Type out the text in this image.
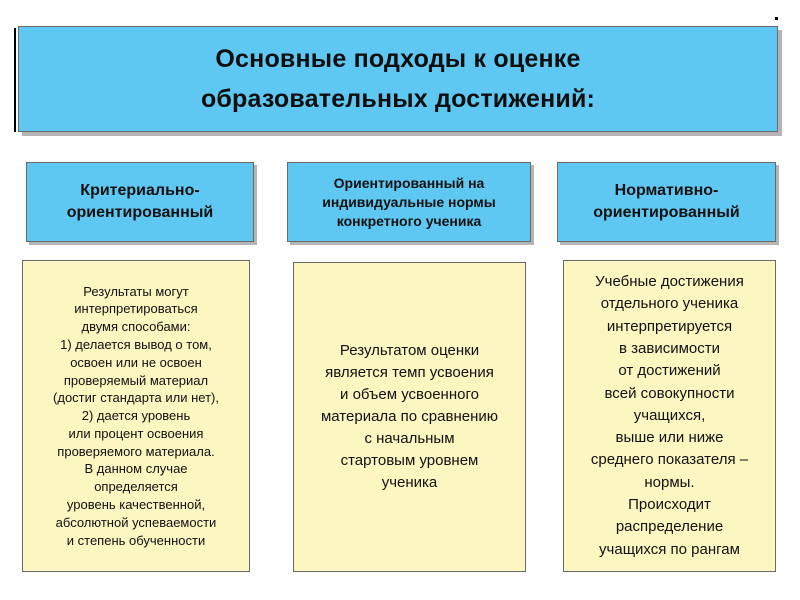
Основные подходы к оценке
образовательных достижений:
Критериально-
ориентированный
Ориентированный на
индивидуальные нормы
конкретного ученика
Нормативно-
ориентированный
Результаты могут
интерпретироваться
двумя способами:
1) делается вывод о том,
освоен или не освоен
проверяемый материал
(достиг стандарта или нет),
2) дается уровень
или процент освоения
проверяемого материала.
В данном случае
определяется
уровень качественной,
абсолютной успеваемости
и степень обученности
Результатом оценки
является темп усвоения
и объем усвоенного
материала по сравнению
с начальным
стартовым уровнем
ученика
Учебные достижения
отдельного ученика
интерпретируется
в зависимости
от достижений
всей совокупности
учащихся,
выше или ниже
среднего показателя –
нормы.
Происходит
распределение
учащихся по рангам
